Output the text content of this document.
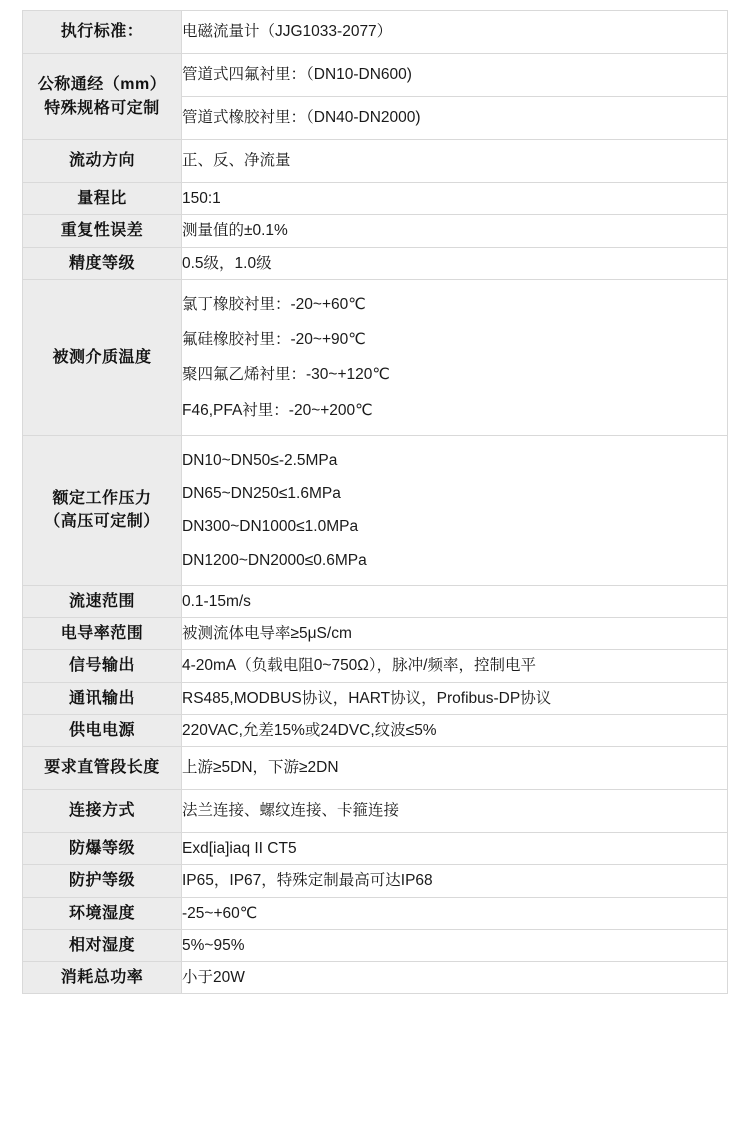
执行标准：	电磁流量计（JJG1033-2077）

公称通经（mm）
特殊规格可定制	管道式四氟衬里：（DN10-DN600)

	管道式橡胶衬里：（DN40-DN2000)

流动方向	正、反、净流量

量程比	150:1

重复性误差	测量值的±0.1%

精度等级	0.5级，1.0级

被测介质温度	氯丁橡胶衬里：-20~+60℃
氟硅橡胶衬里：-20~+90℃
聚四氟乙烯衬里：-30~+120℃
F46,PFA衬里：-20~+200℃

额定工作压力
（高压可定制）	DN10~DN50≤-2.5MPa
DN65~DN250≤1.6MPa
DN300~DN1000≤1.0MPa
DN1200~DN2000≤0.6MPa

流速范围	0.1-15m/s

电导率范围	被测流体电导率≥5μS/cm

信号输出	4-20mA（负载电阻0~750Ω），脉冲/频率，控制电平

通讯输出	RS485,MODBUS协议，HART协议，Profibus-DP协议

供电电源	220VAC,允差15%或24DVC,纹波≤5%

要求直管段长度	上游≥5DN，下游≥2DN

连接方式	法兰连接、螺纹连接、卡箍连接

防爆等级	Exd[ia]iaq II CT5

防护等级	IP65，IP67，特殊定制最高可达IP68

环境湿度	-25~+60℃

相对湿度	5%~95%

消耗总功率	小于20W
